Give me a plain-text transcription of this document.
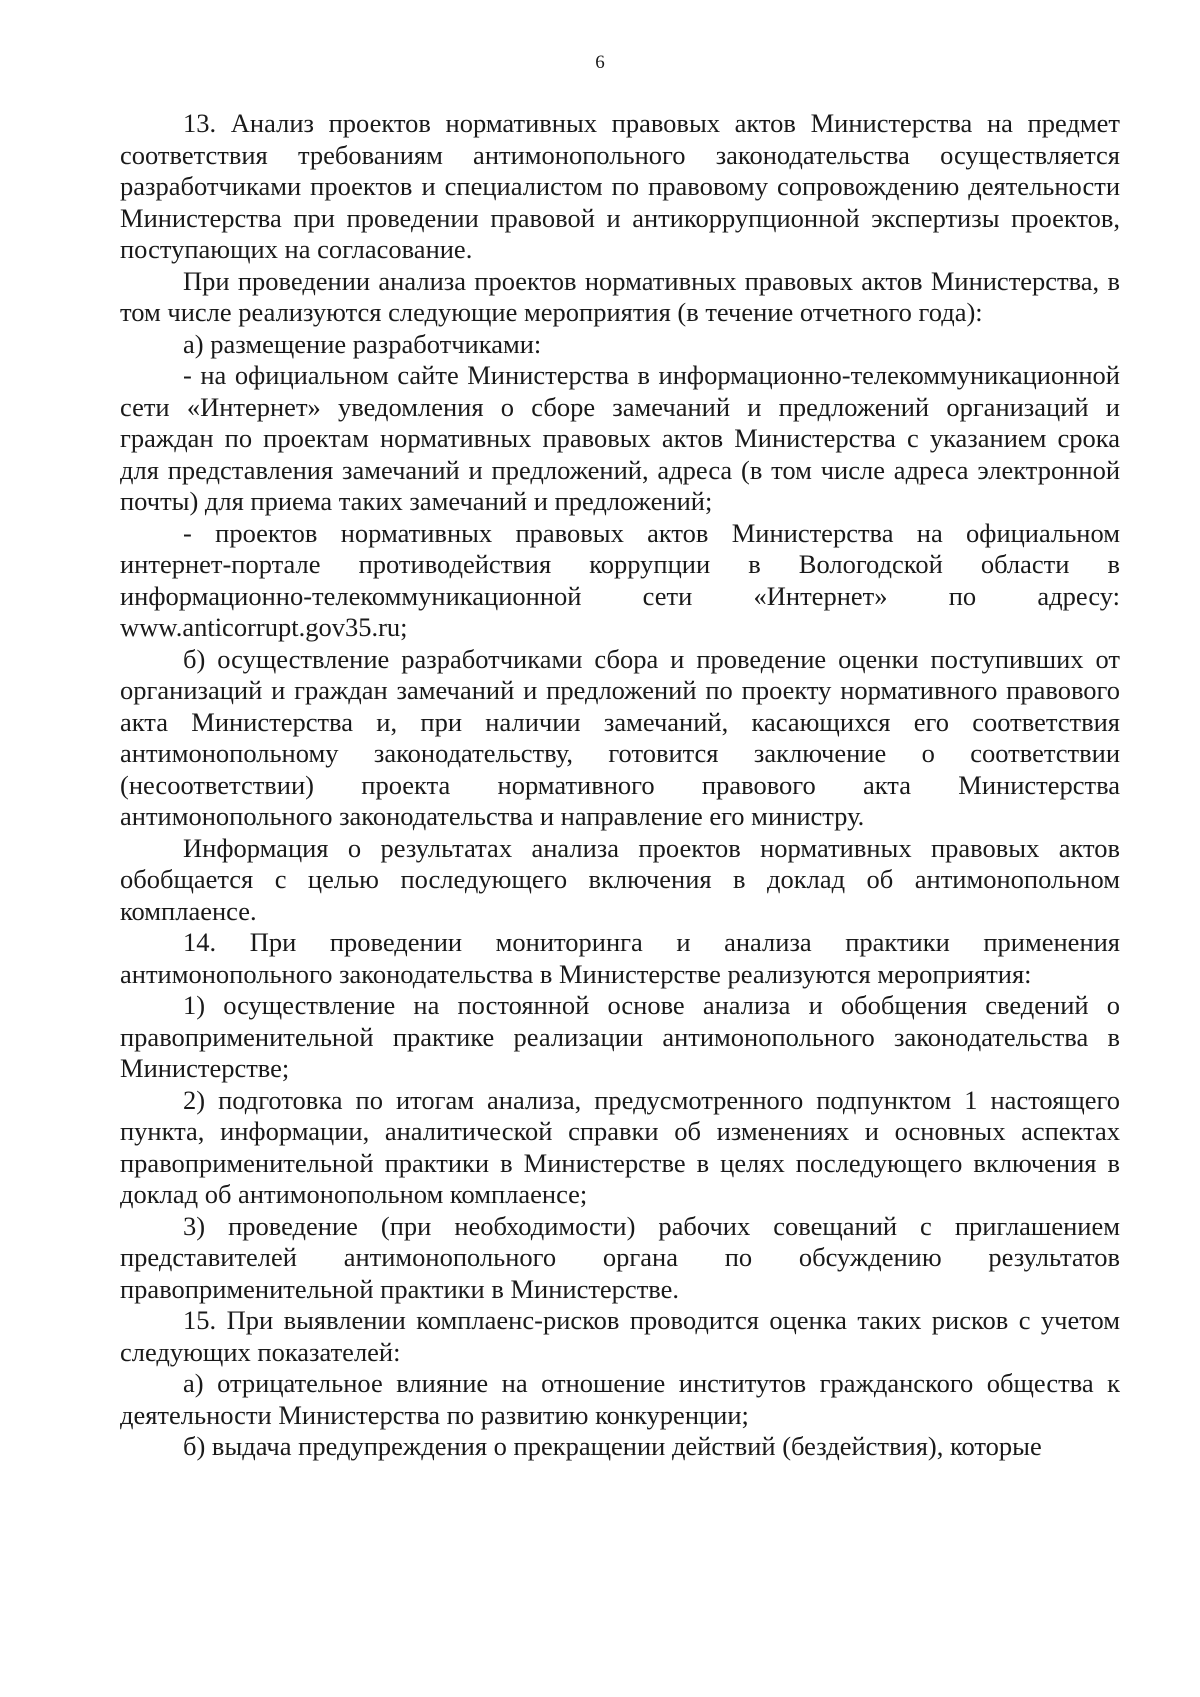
6

13. Анализ проектов нормативных правовых актов Министерства на предмет соответствия требованиям антимонопольного законодательства осуществляется разработчиками проектов и специалистом по правовому сопровождению деятельности Министерства при проведении правовой и антикоррупционной экспертизы проектов, поступающих на согласование.

При проведении анализа проектов нормативных правовых актов Министерства, в том числе реализуются следующие мероприятия (в течение отчетного года):

а) размещение разработчиками:

- на официальном сайте Министерства в информационно-телекоммуникационной сети «Интернет» уведомления о сборе замечаний и предложений организаций и граждан по проектам нормативных правовых актов Министерства с указанием срока для представления замечаний и предложений, адреса (в том числе адреса электронной почты) для приема таких замечаний и предложений;

- проектов нормативных правовых актов Министерства на официальном интернет-портале противодействия коррупции в Вологодской области в информационно-телекоммуникационной сети «Интернет» по адресу: www.anticorrupt.gov35.ru;

б) осуществление разработчиками сбора и проведение оценки поступивших от организаций и граждан замечаний и предложений по проекту нормативного правового акта Министерства и, при наличии замечаний, касающихся его соответствия антимонопольному законодательству, готовится заключение о соответствии (несоответствии) проекта нормативного правового акта Министерства антимонопольного законодательства и направление его министру.

Информация о результатах анализа проектов нормативных правовых актов обобщается с целью последующего включения в доклад об антимонопольном комплаенсе.

14. При проведении мониторинга и анализа практики применения антимонопольного законодательства в Министерстве реализуются мероприятия:

1) осуществление на постоянной основе анализа и обобщения сведений о правоприменительной практике реализации антимонопольного законодательства в Министерстве;

2) подготовка по итогам анализа, предусмотренного подпунктом 1 настоящего пункта, информации, аналитической справки об изменениях и основных аспектах правоприменительной практики в Министерстве в целях последующего включения в доклад об антимонопольном комплаенсе;

3) проведение (при необходимости) рабочих совещаний с приглашением представителей антимонопольного органа по обсуждению результатов правоприменительной практики в Министерстве.

15. При выявлении комплаенс-рисков проводится оценка таких рисков с учетом следующих показателей:

а) отрицательное влияние на отношение институтов гражданского общества к деятельности Министерства по развитию конкуренции;

б) выдача предупреждения о прекращении действий (бездействия), которые
